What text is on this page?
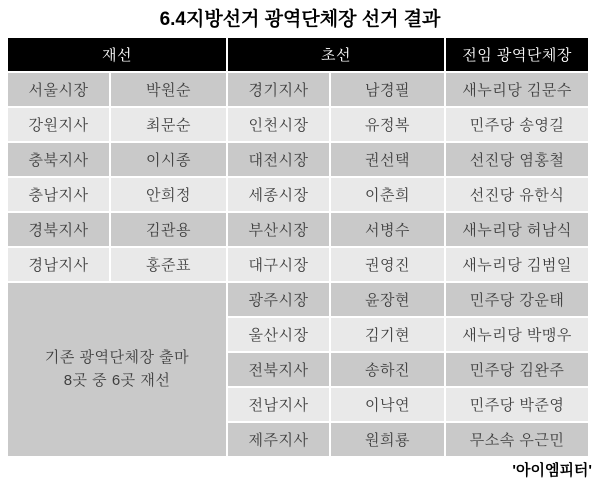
6.4지방선거 광역단체장 선거 결과
재선		초선		전임 광역단체장
서울시장	박원순	경기지사	남경필	새누리당 김문수
강원지사	최문순	인천시장	유정복	민주당 송영길
충북지사	이시종	대전시장	권선택	선진당 염홍철
충남지사	안희정	세종시장	이춘희	선진당 유한식
경북지사	김관용	부산시장	서병수	새누리당 허남식
경남지사	홍준표	대구시장	권영진	새누리당 김범일

기존 광역단체장 출마
8곳 중 6곳 재선		광주시장	윤장현	민주당 강운태
		울산시장	김기현	새누리당 박맹우
		전북지사	송하진	민주당 김완주
		전남지사	이낙연	민주당 박준영
		제주지사	원희룡	무소속 우근민
'아이엠피터'
